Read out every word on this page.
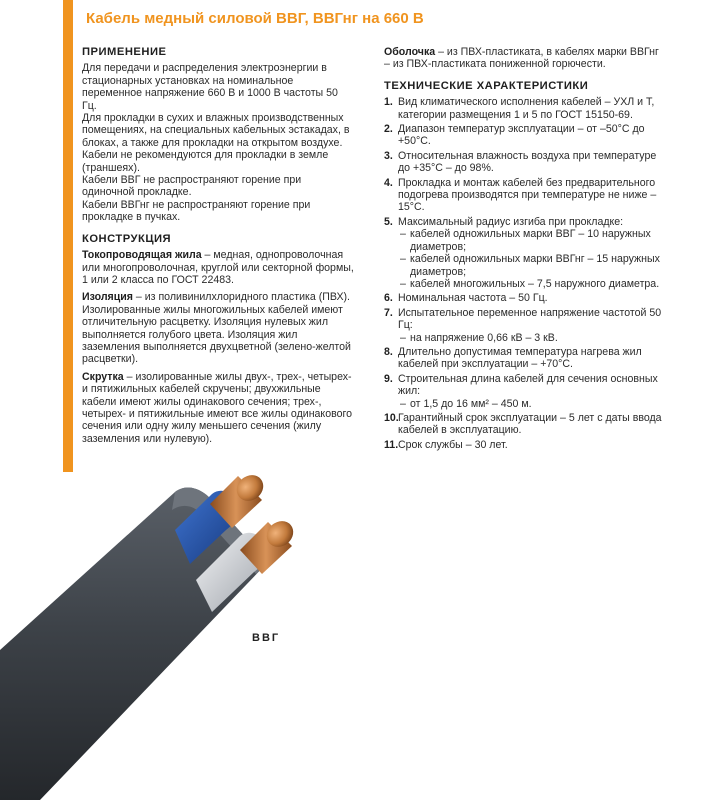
Кабель медный силовой ВВГ, ВВГнг на 660 В
ПРИМЕНЕНИЕ

Для передачи и распределения электроэнергии в стационарных установках на номинальное переменное напряжение 660 В и 1000 В частоты 50 Гц.

Для прокладки в сухих и влажных производственных помещениях, на специальных кабельных эстакадах, в блоках, а также для прокладки на открытом воздухе. Кабели не рекомендуются для прокладки в земле (траншеях).

Кабели ВВГ не распространяют горение при одиночной прокладке.

Кабели ВВГнг не распространяют горение при прокладке в пучках.

КОНСТРУКЦИЯ

Токопроводящая жила – медная, однопроволочная или многопроволочная, круглой или секторной формы, 1 или 2 класса по ГОСТ 22483.

Изоляция – из поливинилхлоридного пластика (ПВХ). Изолированные жилы многожильных кабелей имеют отличительную расцветку. Изоляция нулевых жил выполняется голубого цвета. Изоляция жил заземления выполняется двухцветной (зелено-желтой расцветки).

Скрутка – изолированные жилы двух-, трех-, четырех- и пятижильных кабелей скручены; двухжильные кабели имеют жилы одинакового сечения; трех-, четырех- и пятижильные имеют все жилы одинакового сечения или одну жилу меньшего сечения (жилу заземления или нулевую).

Оболочка – из ПВХ-пластиката, в кабелях марки ВВГнг – из ПВХ-пластиката пониженной горючести.

ТЕХНИЧЕСКИЕ ХАРАКТЕРИСТИКИ
1. Вид климатического исполнения кабелей – УХЛ и Т, категории размещения 1 и 5 по ГОСТ 15150-69.
2. Диапазон температур эксплуатации – от –50°С до +50°С.
3. Относительная влажность воздуха при температуре до +35°С – до 98%.
4. Прокладка и монтаж кабелей без предварительного подогрева производятся при температуре не ниже –15°С.
5. Максимальный радиус изгиба при прокладке:
– кабелей одножильных марки ВВГ – 10 наружных диаметров;
– кабелей одножильных марки ВВГнг – 15 наружных диаметров;
– кабелей многожильных – 7,5 наружного диаметра.
6. Номинальная частота – 50 Гц.
7. Испытательное переменное напряжение частотой 50 Гц:
– на напряжение 0,66 кВ – 3 кВ.
8. Длительно допустимая температура нагрева жил кабелей при эксплуатации – +70°С.
9. Строительная длина кабелей для сечения основных жил:
– от 1,5 до 16 мм² – 450 м.
10. Гарантийный срок эксплуатации – 5 лет с даты ввода кабелей в эксплуатацию.
11. Срок службы – 30 лет.
ВВГ
